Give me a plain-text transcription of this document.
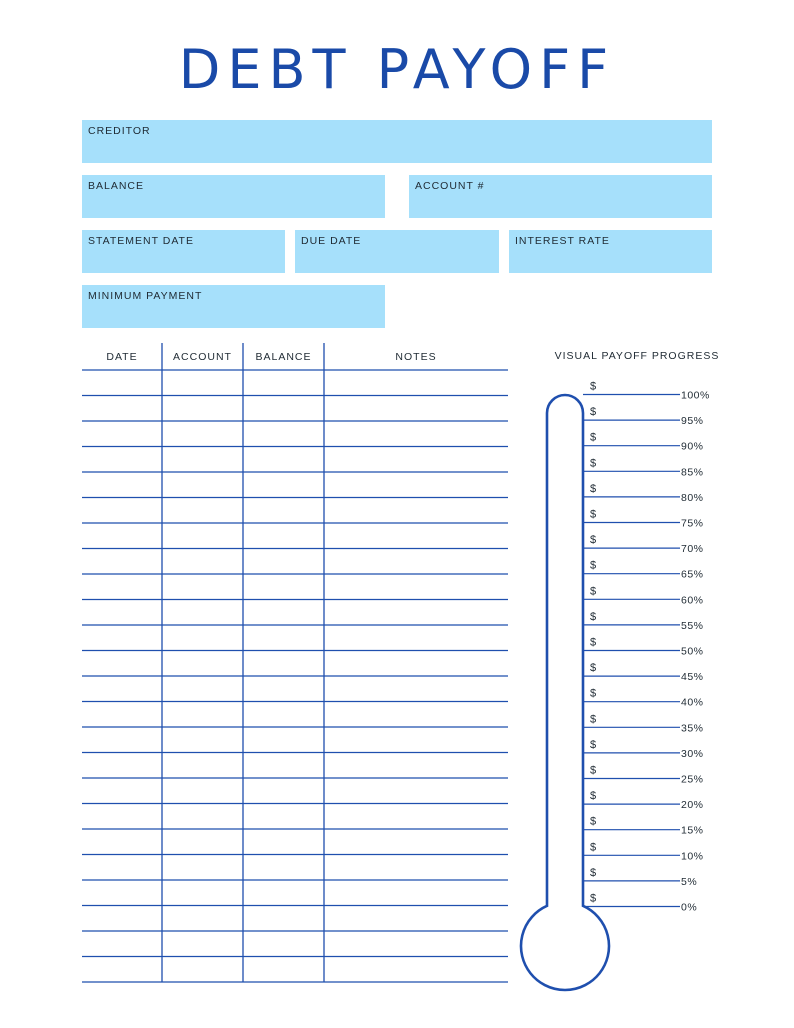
DEBT PAYOFF
CREDITOR
BALANCE	ACCOUNT #
STATEMENT DATE	DUE DATE	INTEREST RATE
MINIMUM PAYMENT
DATE	ACCOUNT	BALANCE	NOTES	VISUAL PAYOFF PROGRESS
$
100%
$
95%
$
90%
$
85%
$
80%
$
75%
$
70%
$
65%
$
60%
$
55%
$
50%
$
45%
$
40%
$
35%
$
30%
$
25%
$
20%
$
15%
$
10%
$
5%
$
0%
